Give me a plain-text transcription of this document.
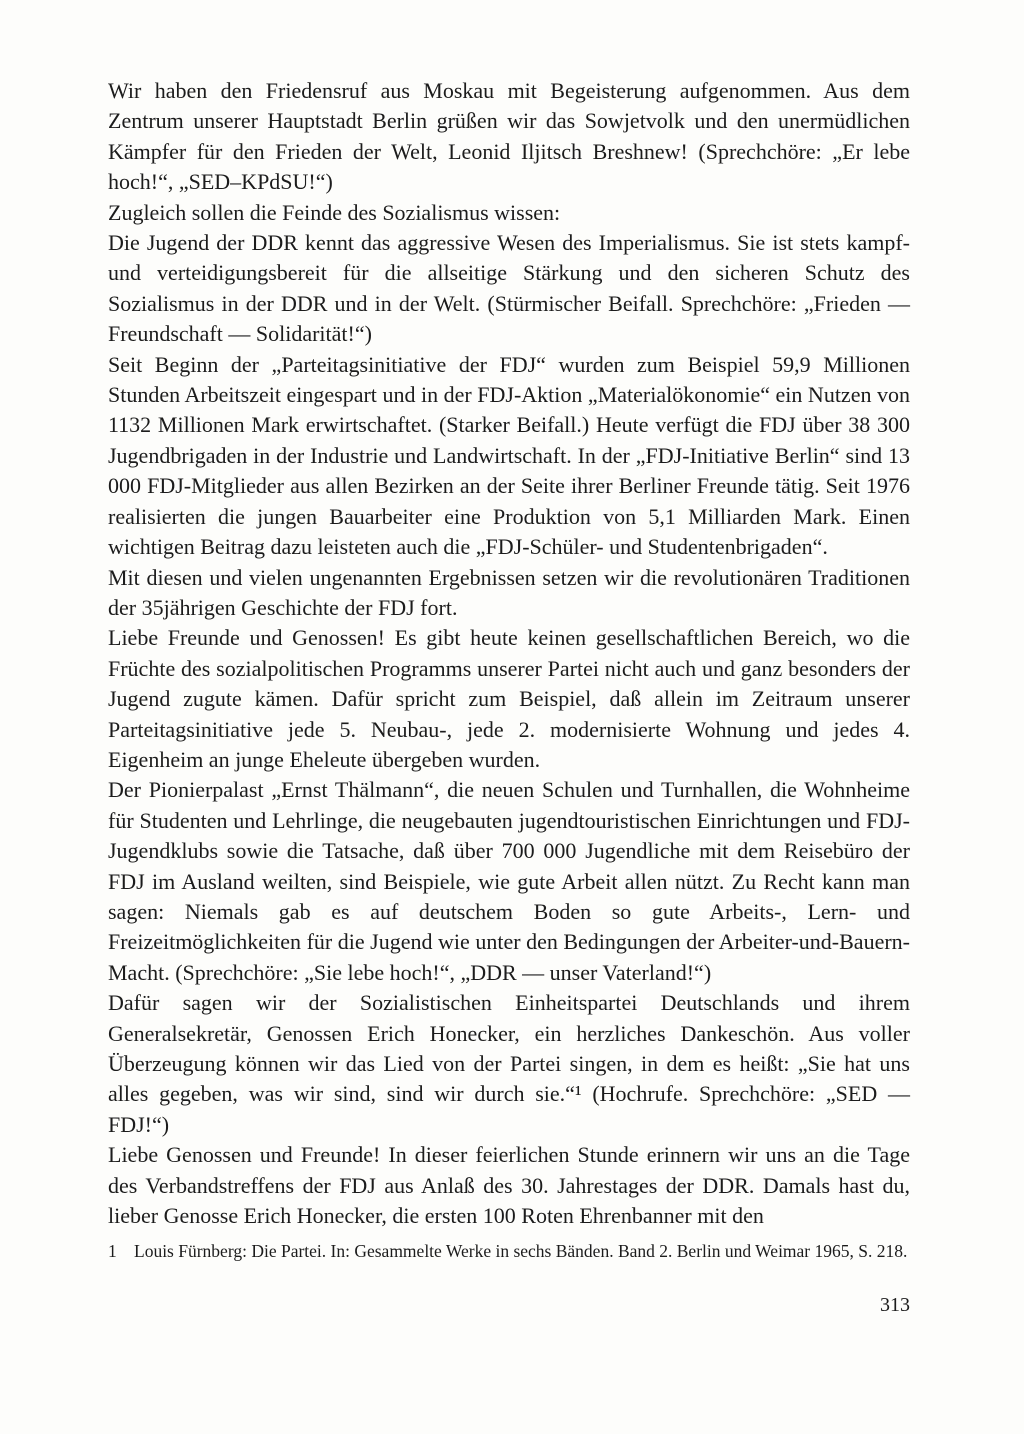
Wir haben den Friedensruf aus Moskau mit Begeisterung aufgenommen. Aus dem Zentrum unserer Hauptstadt Berlin grüßen wir das Sowjetvolk und den unermüdlichen Kämpfer für den Frieden der Welt, Leonid Iljitsch Breshnew! (Sprechchöre: „Er lebe hoch!“, „SED–KPdSU!“)

Zugleich sollen die Feinde des Sozialismus wissen:

Die Jugend der DDR kennt das aggressive Wesen des Imperialismus. Sie ist stets kampf- und verteidigungsbereit für die allseitige Stärkung und den sicheren Schutz des Sozialismus in der DDR und in der Welt. (Stürmischer Beifall. Sprechchöre: „Frieden — Freundschaft — Solidarität!“)

Seit Beginn der „Parteitagsinitiative der FDJ“ wurden zum Beispiel 59,9 Millionen Stunden Arbeitszeit eingespart und in der FDJ-Aktion „Materialökonomie“ ein Nutzen von 1132 Millionen Mark erwirtschaftet. (Starker Beifall.) Heute verfügt die FDJ über 38 300 Jugendbrigaden in der Industrie und Landwirtschaft. In der „FDJ-Initiative Berlin“ sind 13 000 FDJ-Mitglieder aus allen Bezirken an der Seite ihrer Berliner Freunde tätig. Seit 1976 realisierten die jungen Bauarbeiter eine Produktion von 5,1 Milliarden Mark. Einen wichtigen Beitrag dazu leisteten auch die „FDJ-Schüler- und Studentenbrigaden“.

Mit diesen und vielen ungenannten Ergebnissen setzen wir die revolutionären Traditionen der 35jährigen Geschichte der FDJ fort.

Liebe Freunde und Genossen! Es gibt heute keinen gesellschaftlichen Bereich, wo die Früchte des sozialpolitischen Programms unserer Partei nicht auch und ganz besonders der Jugend zugute kämen. Dafür spricht zum Beispiel, daß allein im Zeitraum unserer Parteitagsinitiative jede 5. Neubau-, jede 2. modernisierte Wohnung und jedes 4. Eigenheim an junge Eheleute übergeben wurden.

Der Pionierpalast „Ernst Thälmann“, die neuen Schulen und Turnhallen, die Wohnheime für Studenten und Lehrlinge, die neugebauten jugendtouristischen Einrichtungen und FDJ-Jugendklubs sowie die Tatsache, daß über 700 000 Jugendliche mit dem Reisebüro der FDJ im Ausland weilten, sind Beispiele, wie gute Arbeit allen nützt. Zu Recht kann man sagen: Niemals gab es auf deutschem Boden so gute Arbeits-, Lern- und Freizeitmöglichkeiten für die Jugend wie unter den Bedingungen der Arbeiter-und-Bauern-Macht. (Sprechchöre: „Sie lebe hoch!“, „DDR — unser Vaterland!“)

Dafür sagen wir der Sozialistischen Einheitspartei Deutschlands und ihrem Generalsekretär, Genossen Erich Honecker, ein herzliches Dankeschön. Aus voller Überzeugung können wir das Lied von der Partei singen, in dem es heißt: „Sie hat uns alles gegeben, was wir sind, sind wir durch sie.“¹ (Hochrufe. Sprechchöre: „SED — FDJ!“)

Liebe Genossen und Freunde! In dieser feierlichen Stunde erinnern wir uns an die Tage des Verbandstreffens der FDJ aus Anlaß des 30. Jahrestages der DDR. Damals hast du, lieber Genosse Erich Honecker, die ersten 100 Roten Ehrenbanner mit den

1 Louis Fürnberg: Die Partei. In: Gesammelte Werke in sechs Bänden. Band 2. Berlin und Weimar 1965, S. 218.
313
